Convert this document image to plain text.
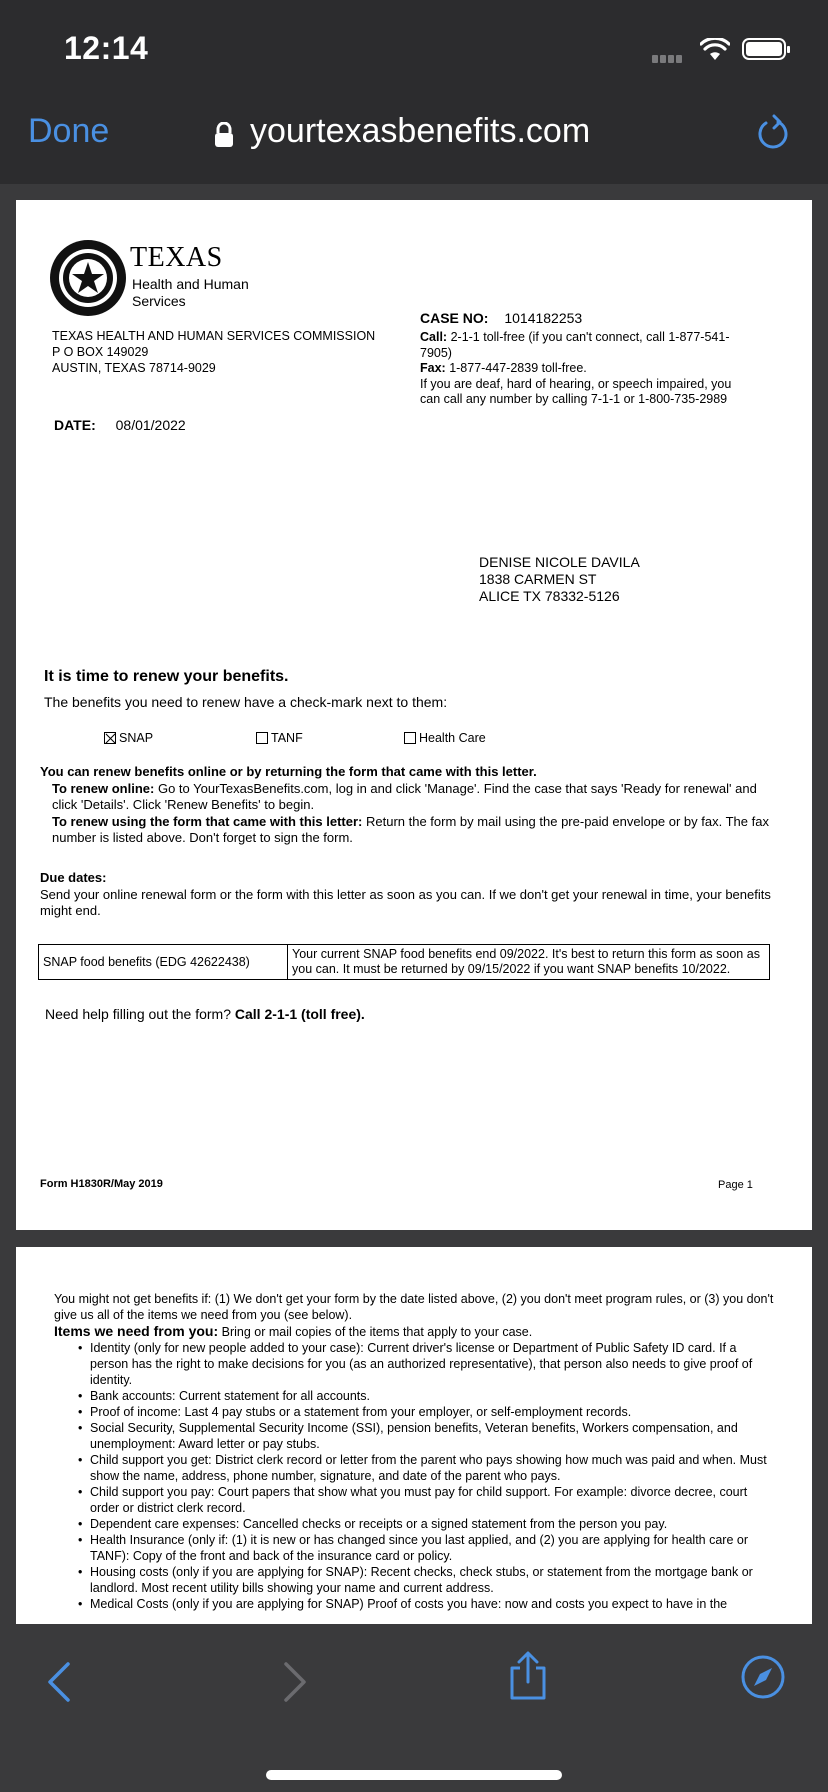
12:14
Done	yourtexasbenefits.com
TEXAS
Health and Human
Services
TEXAS HEALTH AND HUMAN SERVICES COMMISSION
P O BOX 149029
AUSTIN, TEXAS 78714-9029
DATE: 08/01/2022
CASE NO: 1014182253
Call: 2-1-1 toll-free (if you can't connect, call 1-877-541-7905)
Fax: 1-877-447-2839 toll-free.
If you are deaf, hard of hearing, or speech impaired, you can call any number by calling 7-1-1 or 1-800-735-2989
DENISE NICOLE DAVILA
1838 CARMEN ST
ALICE TX 78332-5126
It is time to renew your benefits.
The benefits you need to renew have a check-mark next to them:
SNAP	TANF	Health Care
You can renew benefits online or by returning the form that came with this letter.
To renew online: Go to YourTexasBenefits.com, log in and click 'Manage'. Find the case that says 'Ready for renewal' and click 'Details'. Click 'Renew Benefits' to begin.
To renew using the form that came with this letter: Return the form by mail using the pre-paid envelope or by fax. The fax number is listed above. Don't forget to sign the form.
Due dates:
Send your online renewal form or the form with this letter as soon as you can. If we don't get your renewal in time, your benefits might end.
SNAP food benefits (EDG 42622438)	Your current SNAP food benefits end 09/2022. It's best to return this form as soon as you can. It must be returned by 09/15/2022 if you want SNAP benefits 10/2022.
Need help filling out the form? Call 2-1-1 (toll free).
Form H1830R/May 2019	Page 1
You might not get benefits if: (1) We don't get your form by the date listed above, (2) you don't meet program rules, or (3) you don't give us all of the items we need from you (see below).
Items we need from you: Bring or mail copies of the items that apply to your case.
• Identity (only for new people added to your case): Current driver's license or Department of Public Safety ID card. If a person has the right to make decisions for you (as an authorized representative), that person also needs to give proof of identity.
• Bank accounts: Current statement for all accounts.
• Proof of income: Last 4 pay stubs or a statement from your employer, or self-employment records.
• Social Security, Supplemental Security Income (SSI), pension benefits, Veteran benefits, Workers compensation, and unemployment: Award letter or pay stubs.
• Child support you get: District clerk record or letter from the parent who pays showing how much was paid and when. Must show the name, address, phone number, signature, and date of the parent who pays.
• Child support you pay: Court papers that show what you must pay for child support. For example: divorce decree, court order or district clerk record.
• Dependent care expenses: Cancelled checks or receipts or a signed statement from the person you pay.
• Health Insurance (only if: (1) it is new or has changed since you last applied, and (2) you are applying for health care or TANF): Copy of the front and back of the insurance card or policy.
• Housing costs (only if you are applying for SNAP): Recent checks, check stubs, or statement from the mortgage bank or landlord. Most recent utility bills showing your name and current address.
• Medical Costs (only if you are applying for SNAP) Proof of costs you have: now and costs you expect to have in the
